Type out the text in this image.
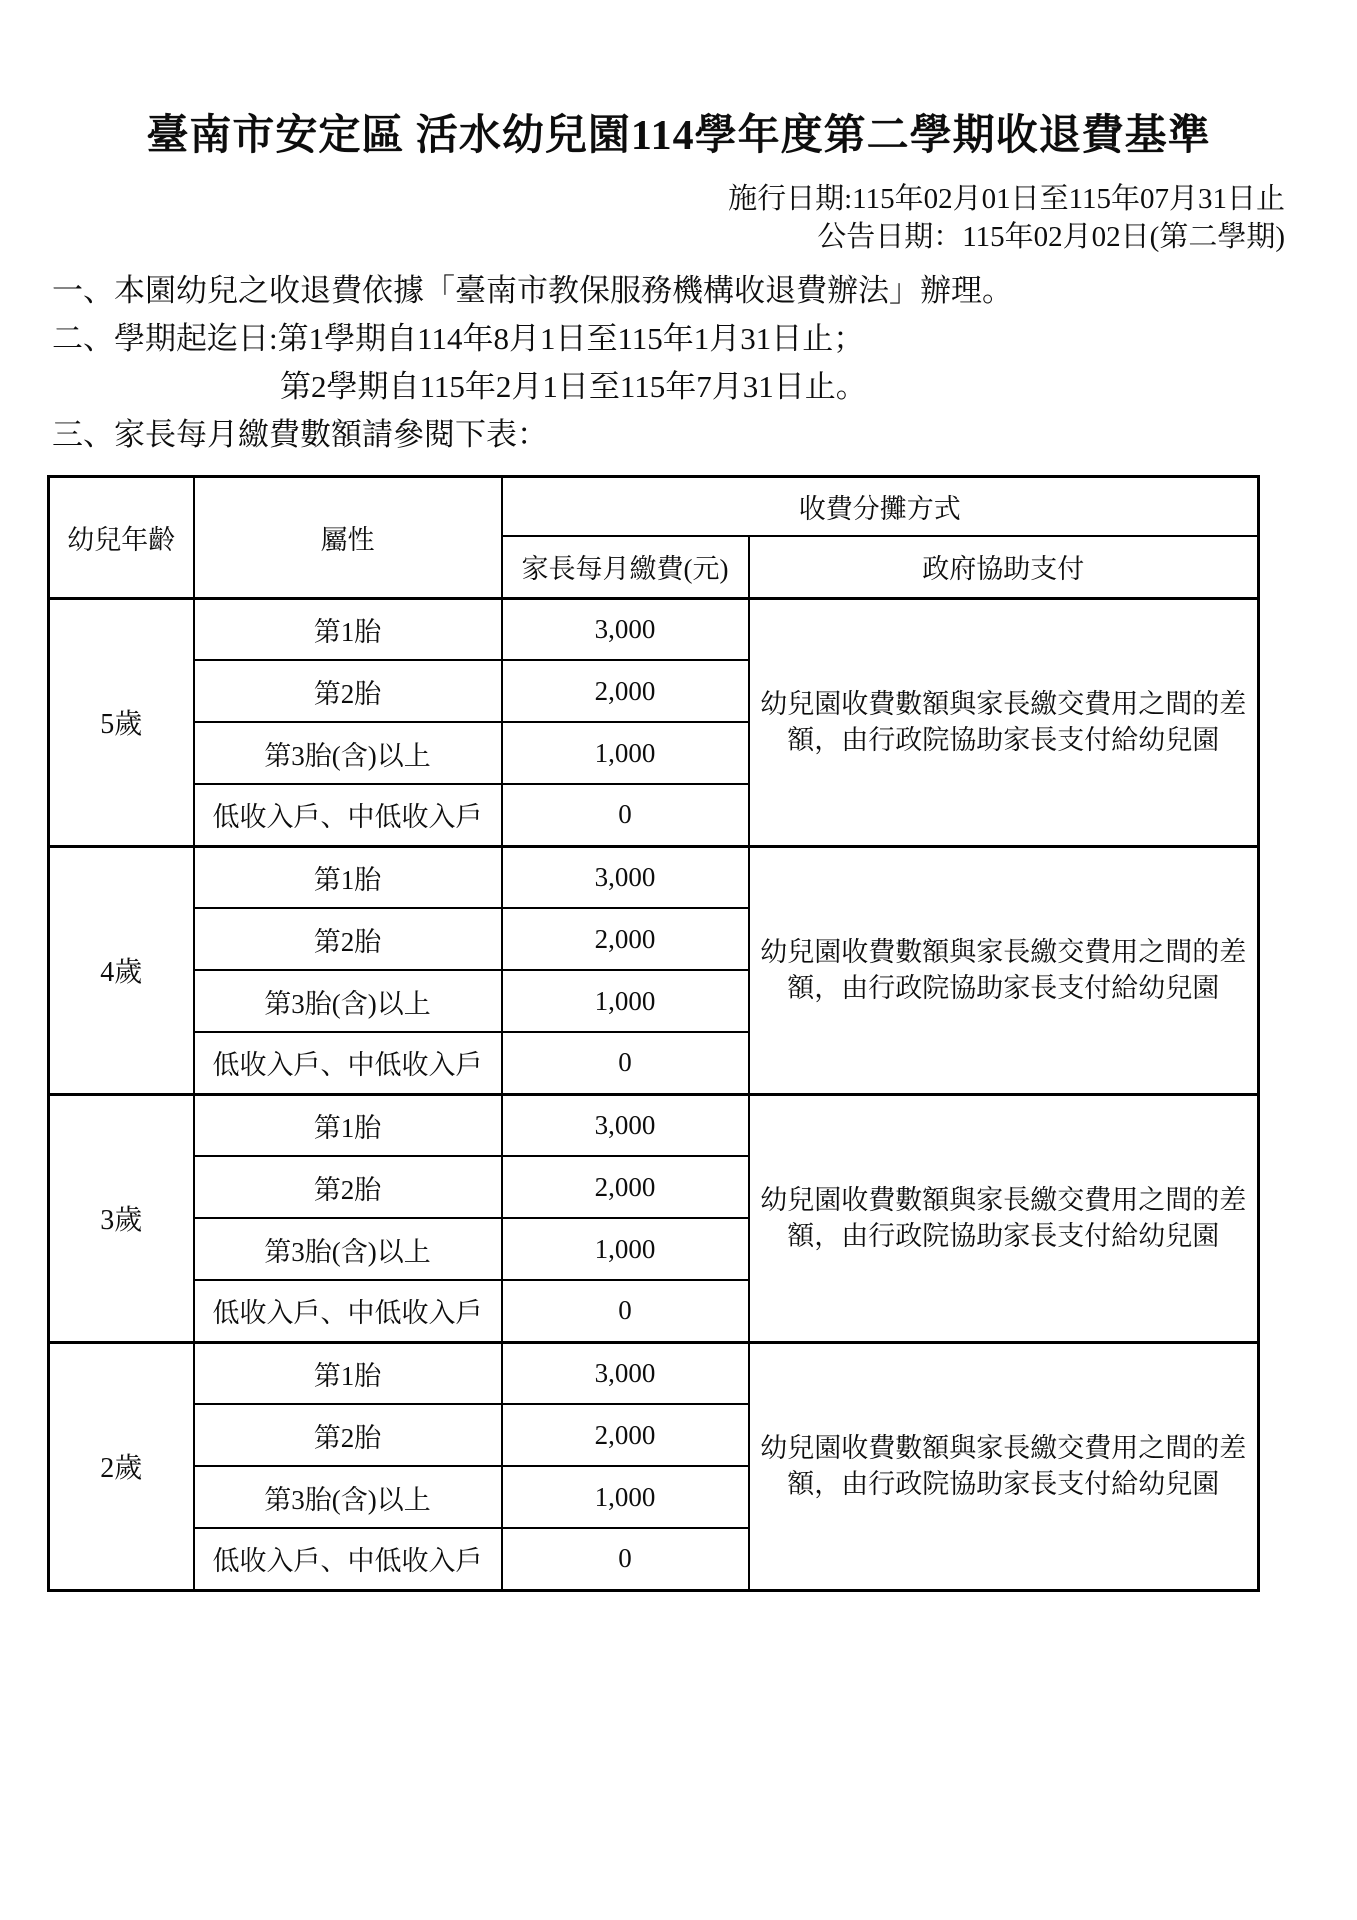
臺南市安定區 活水幼兒園114學年度第二學期收退費基準
施行日期:115年02月01日至115年07月31日止
公告日期：115年02月02日(第二學期)
一、本園幼兒之收退費依據「臺南市教保服務機構收退費辦法」辦理。
二、學期起迄日:第1學期自114年8月1日至115年1月31日止；
第2學期自115年2月1日至115年7月31日止。
三、家長每月繳費數額請參閱下表：
幼兒年齡	屬性	收費分攤方式	
		家長每月繳費(元)	政府協助支付
5歲	第1胎	3,000	幼兒園收費數額與家長繳交費用之間的差額，由行政院協助家長支付給幼兒園
	第2胎	2,000	
	第3胎(含)以上	1,000	
	低收入戶、中低收入戶	0	
4歲	第1胎	3,000	幼兒園收費數額與家長繳交費用之間的差額，由行政院協助家長支付給幼兒園
	第2胎	2,000	
	第3胎(含)以上	1,000	
	低收入戶、中低收入戶	0	
3歲	第1胎	3,000	幼兒園收費數額與家長繳交費用之間的差額，由行政院協助家長支付給幼兒園
	第2胎	2,000	
	第3胎(含)以上	1,000	
	低收入戶、中低收入戶	0	
2歲	第1胎	3,000	幼兒園收費數額與家長繳交費用之間的差額，由行政院協助家長支付給幼兒園
	第2胎	2,000	
	第3胎(含)以上	1,000	
	低收入戶、中低收入戶	0	
